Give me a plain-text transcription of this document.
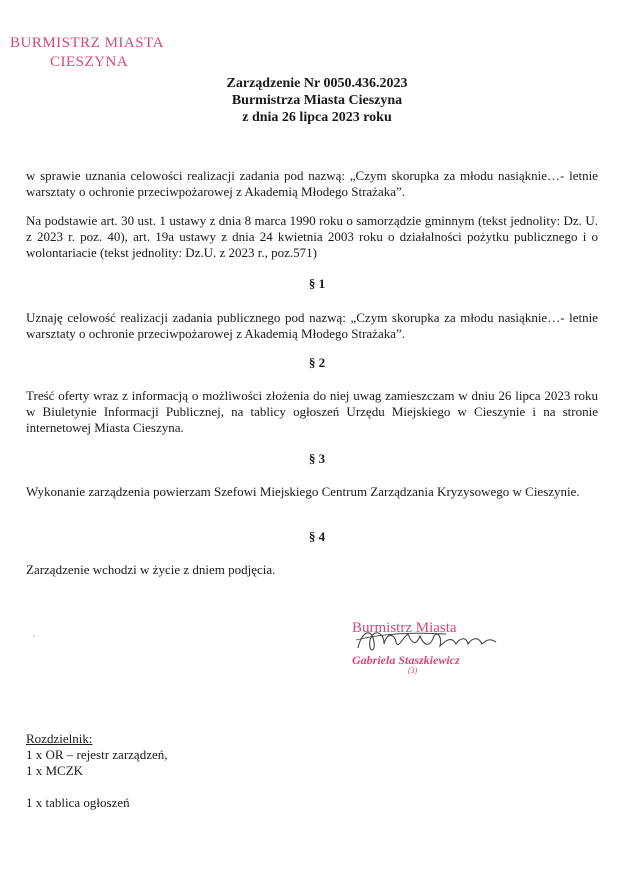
BURMISTRZ MIASTA
CIESZYNA
Zarządzenie Nr 0050.436.2023
Burmistrza Miasta Cieszyna
z dnia 26 lipca 2023 roku
w sprawie uznania celowości realizacji zadania pod nazwą: „Czym skorupka za młodu nasiąknie…- letnie warsztaty o ochronie przeciwpożarowej z Akademią Młodego Strażaka”.
Na podstawie art. 30 ust. 1 ustawy z dnia 8 marca 1990 roku o samorządzie gminnym (tekst jednolity: Dz. U. z 2023 r. poz. 40), art. 19a ustawy z dnia 24 kwietnia 2003 roku o działalności pożytku publicznego i o wolontariacie (tekst jednolity: Dz.U. z 2023 r., poz.571)
§ 1
Uznaję celowość realizacji zadania publicznego pod nazwą: „Czym skorupka za młodu nasiąknie…- letnie warsztaty o ochronie przeciwpożarowej z Akademią Młodego Strażaka”.
§ 2
Treść oferty wraz z informacją o możliwości złożenia do niej uwag zamieszczam w dniu 26 lipca 2023 roku w Biuletynie Informacji Publicznej, na tablicy ogłoszeń Urzędu Miejskiego w Cieszynie i na stronie internetowej Miasta Cieszyna.
§ 3
Wykonanie zarządzenia powierzam Szefowi Miejskiego Centrum Zarządzania Kryzysowego w Cieszynie.
§ 4
Zarządzenie wchodzi w życie z dniem podjęcia.
·
Burmistrz Miasta
Gabriela Staszkiewicz
(3)
Rozdzielnik:
1 x OR – rejestr zarządzeń,
1 x MCZK
1 x tablica ogłoszeń
